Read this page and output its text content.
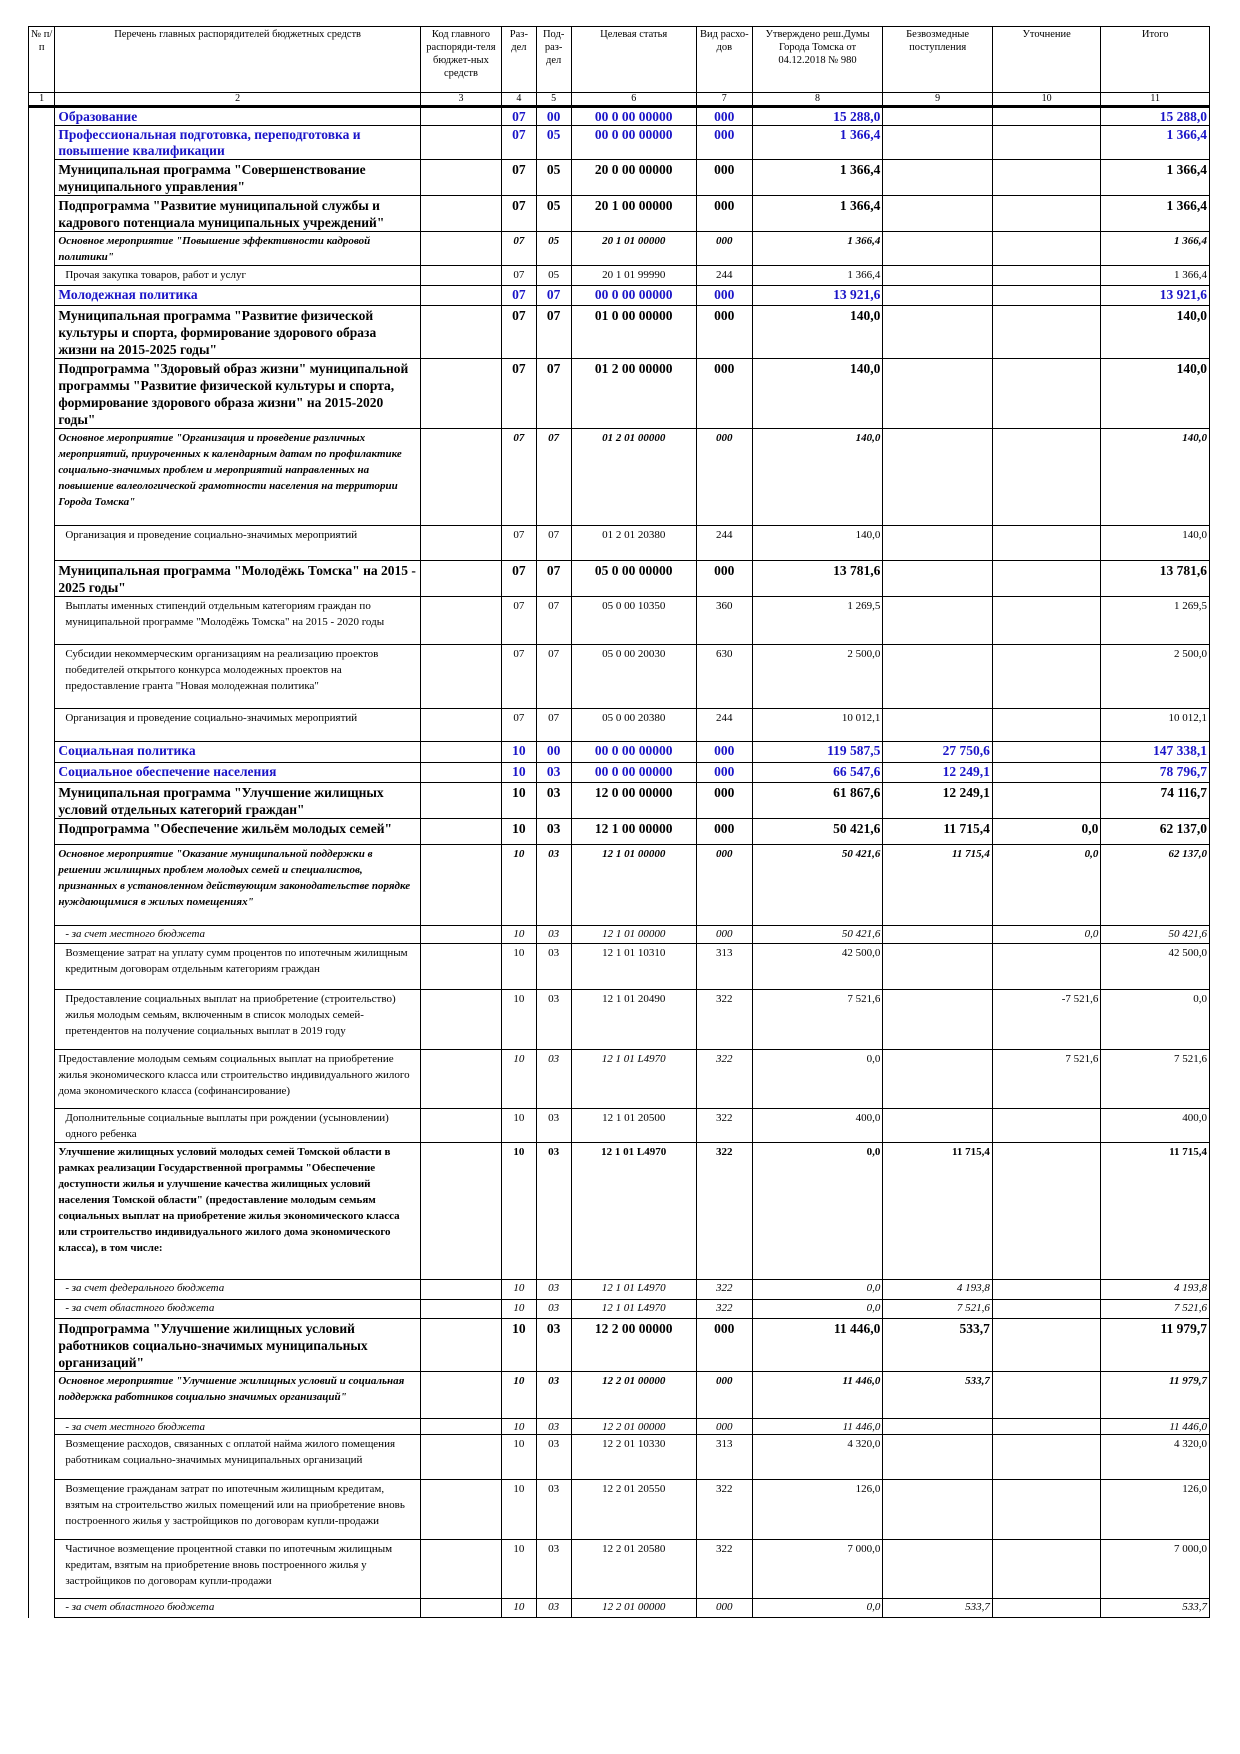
№ п/п	Перечень главных распорядителей бюджетных средств	Код главного распоряди-теля бюджет-ных средств	Раз-дел	Под-раз-дел	Целевая статья	Вид расхо-дов	Утверждено реш.Думы Города Томска от 04.12.2018 № 980	Безвозмедные поступления	Уточнение	Итого
1	2	3	4	5	6	7	8	9	10	11
	Образование		07	00	00 0 00 00000	000	15 288,0			15 288,0
	Профессиональная подготовка, переподготовка и повышение квалификации		07	05	00 0 00 00000	000	1 366,4			1 366,4
	Муниципальная программа "Совершенствование муниципального управления"		07	05	20 0 00 00000	000	1 366,4			1 366,4
	Подпрограмма "Развитие муниципальной службы и кадрового потенциала муниципальных учреждений"		07	05	20 1 00 00000	000	1 366,4			1 366,4
	Основное мероприятие "Повышение эффективности кадровой политики"		07	05	20 1 01 00000	000	1 366,4			1 366,4
	Прочая закупка товаров, работ и услуг		07	05	20 1 01 99990	244	1 366,4			1 366,4
	Молодежная политика		07	07	00 0 00 00000	000	13 921,6			13 921,6
	Муниципальная программа "Развитие физической культуры и спорта, формирование здорового образа жизни на 2015-2025 годы"		07	07	01 0 00 00000	000	140,0			140,0
	Подпрограмма "Здоровый образ жизни" муниципальной программы "Развитие физической культуры и спорта, формирование здорового образа жизни" на 2015-2020 годы"		07	07	01 2 00 00000	000	140,0			140,0
	Основное мероприятие "Организация и проведение различных мероприятий, приуроченных к календарным датам по профилактике социально-значимых проблем и мероприятий направленных на повышение валеологической грамотности населения на территории Города Томска"		07	07	01 2 01 00000	000	140,0			140,0
	Организация и проведение социально-значимых мероприятий		07	07	01 2 01 20380	244	140,0			140,0
	Муниципальная программа "Молодёжь Томска" на 2015 - 2025 годы"		07	07	05 0 00 00000	000	13 781,6			13 781,6
	Выплаты именных стипендий отдельным категориям граждан по муниципальной программе "Молодёжь Томска" на 2015 - 2020 годы		07	07	05 0 00 10350	360	1 269,5			1 269,5
	Субсидии некоммерческим организациям на реализацию проектов победителей открытого конкурса молодежных проектов на предоставление гранта "Новая молодежная политика"		07	07	05 0 00 20030	630	2 500,0			2 500,0
	Организация и проведение социально-значимых мероприятий		07	07	05 0 00 20380	244	10 012,1			10 012,1
	Социальная политика		10	00	00 0 00 00000	000	119 587,5	27 750,6		147 338,1
	Социальное обеспечение населения		10	03	00 0 00 00000	000	66 547,6	12 249,1		78 796,7
	Муниципальная программа "Улучшение жилищных условий отдельных категорий граждан"		10	03	12 0 00 00000	000	61 867,6	12 249,1		74 116,7
	Подпрограмма "Обеспечение жильём молодых семей"		10	03	12 1 00 00000	000	50 421,6	11 715,4	0,0	62 137,0
	Основное мероприятие "Оказание муниципальной поддержки в решении жилищных проблем молодых семей и специалистов, признанных в установленном действующим законодательстве порядке нуждающимися в жилых помещениях"		10	03	12 1 01 00000	000	50 421,6	11 715,4	0,0	62 137,0
	- за счет местного бюджета		10	03	12 1 01 00000	000	50 421,6		0,0	50 421,6
	Возмещение затрат на уплату сумм процентов по ипотечным жилищным кредитным договорам отдельным категориям граждан		10	03	12 1 01 10310	313	42 500,0			42 500,0
	Предоставление социальных выплат на приобретение (строительство) жилья молодым семьям, включенным в список молодых семей-претендентов на получение социальных выплат в 2019 году		10	03	12 1 01 20490	322	7 521,6		-7 521,6	0,0
	Предоставление молодым семьям социальных выплат на приобретение жилья экономического класса или строительство индивидуального жилого дома экономического класса (софинансирование)		10	03	12 1 01 L4970	322	0,0		7 521,6	7 521,6
	Дополнительные социальные выплаты при рождении (усыновлении) одного ребенка		10	03	12 1 01 20500	322	400,0			400,0
	Улучшение жилищных условий молодых семей Томской области в рамках реализации Государственной программы "Обеспечение доступности жилья и улучшение качества жилищных условий населения Томской области" (предоставление молодым семьям социальных выплат на приобретение жилья экономического класса или строительство индивидуального жилого дома экономического класса), в том числе:		10	03	12 1 01 L4970	322	0,0	11 715,4		11 715,4
	- за счет федерального бюджета		10	03	12 1 01 L4970	322	0,0	4 193,8		4 193,8
	- за счет областного бюджета		10	03	12 1 01 L4970	322	0,0	7 521,6		7 521,6
	Подпрограмма "Улучшение жилищных условий работников социально-значимых муниципальных организаций"		10	03	12 2 00 00000	000	11 446,0	533,7		11 979,7
	Основное мероприятие "Улучшение жилищных условий и социальная поддержка работников социально значимых организаций"		10	03	12 2 01 00000	000	11 446,0	533,7		11 979,7
	- за счет местного бюджета		10	03	12 2 01 00000	000	11 446,0			11 446,0
	Возмещение расходов, связанных с оплатой найма жилого помещения работникам социально-значимых муниципальных организаций		10	03	12 2 01 10330	313	4 320,0			4 320,0
	Возмещение гражданам затрат по ипотечным жилищным кредитам, взятым на строительство жилых помещений или на приобретение вновь построенного жилья у застройщиков по договорам купли-продажи		10	03	12 2 01 20550	322	126,0			126,0
	Частичное возмещение процентной ставки по ипотечным жилищным кредитам, взятым на приобретение вновь построенного жилья у застройщиков по договорам купли-продажи		10	03	12 2 01 20580	322	7 000,0			7 000,0
	- за счет областного бюджета		10	03	12 2 01 00000	000	0,0	533,7		533,7
